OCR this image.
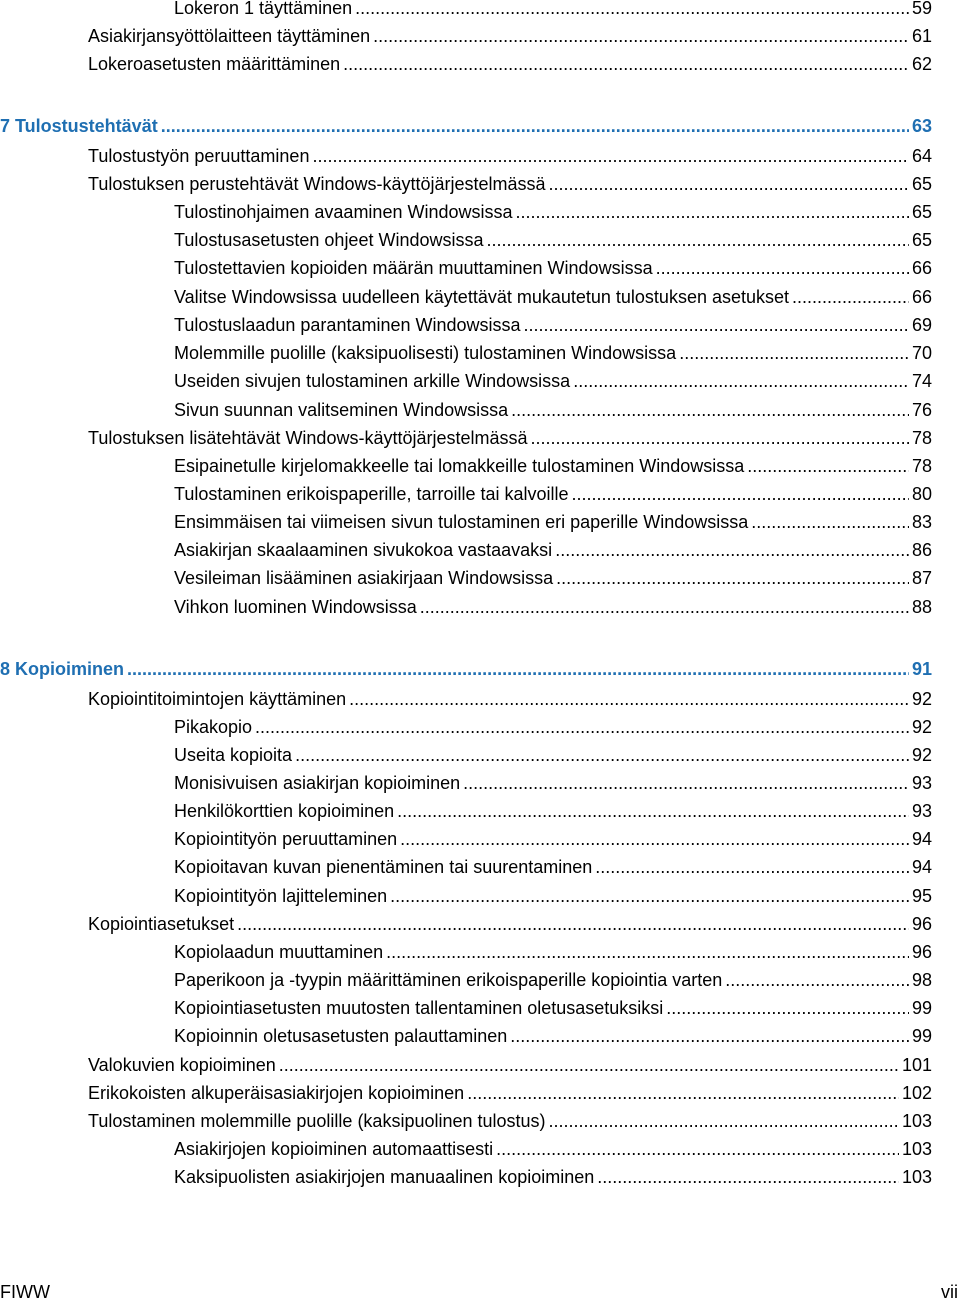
Lokeron 1 täyttäminen .....	59
Asiakirjansyöttölaitteen täyttäminen .....	61
Lokeroasetusten määrittäminen .....	62
7 Tulostustehtävät .....	63
Tulostustyön peruuttaminen .....	64
Tulostuksen perustehtävät Windows-käyttöjärjestelmässä .....	65
Tulostinohjaimen avaaminen Windowsissa .....	65
Tulostusasetusten ohjeet Windowsissa .....	65
Tulostettavien kopioiden määrän muuttaminen Windowsissa .....	66
Valitse Windowsissa uudelleen käytettävät mukautetun tulostuksen asetukset .....	66
Tulostuslaadun parantaminen Windowsissa .....	69
Molemmille puolille (kaksipuolisesti) tulostaminen Windowsissa .....	70
Useiden sivujen tulostaminen arkille Windowsissa .....	74
Sivun suunnan valitseminen Windowsissa .....	76
Tulostuksen lisätehtävät Windows-käyttöjärjestelmässä .....	78
Esipainetulle kirjelomakkeelle tai lomakkeille tulostaminen Windowsissa .....	78
Tulostaminen erikoispaperille, tarroille tai kalvoille .....	80
Ensimmäisen tai viimeisen sivun tulostaminen eri paperille Windowsissa .....	83
Asiakirjan skaalaaminen sivukokoa vastaavaksi .....	86
Vesileiman lisääminen asiakirjaan Windowsissa .....	87
Vihkon luominen Windowsissa .....	88
8 Kopioiminen .....	91
Kopiointitoimintojen käyttäminen .....	92
Pikakopio .....	92
Useita kopioita .....	92
Monisivuisen asiakirjan kopioiminen .....	93
Henkilökorttien kopioiminen .....	93
Kopiointityön peruuttaminen .....	94
Kopioitavan kuvan pienentäminen tai suurentaminen .....	94
Kopiointityön lajitteleminen .....	95
Kopiointiasetukset .....	96
Kopiolaadun muuttaminen .....	96
Paperikoon ja -tyypin määrittäminen erikoispaperille kopiointia varten .....	98
Kopiointiasetusten muutosten tallentaminen oletusasetuksiksi .....	99
Kopioinnin oletusasetusten palauttaminen .....	99
Valokuvien kopioiminen .....	101
Erikokoisten alkuperäisasiakirjojen kopioiminen .....	102
Tulostaminen molemmille puolille (kaksipuolinen tulostus) .....	103
Asiakirjojen kopioiminen automaattisesti .....	103
Kaksipuolisten asiakirjojen manuaalinen kopioiminen .....	103
FIWW	vii
